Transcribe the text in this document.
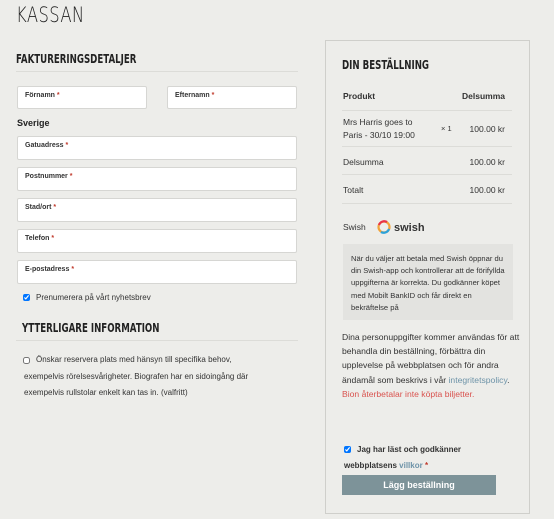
KASSAN
FAKTURERINGSDETALJER
Förnamn *	Efternamn *
Sverige
Gatuadress *
Postnummer *
Stad/ort *
Telefon *
E-postadress *
Prenumerera på vårt nyhetsbrev
YTTERLIGARE INFORMATION
Önskar reservera plats med hänsyn till specifika behov,
exempelvis rörelsesvårigheter. Biografen har en sidoingång där
exempelvis rullstolar enkelt kan tas in. (valfritt)
DIN BESTÄLLNING
Produkt	Delsumma
Mrs Harris goes to
Paris - 30/10 19:00
× 1 100.00 kr
Delsumma	100.00 kr
Totalt	100.00 kr
Swish	swish

När du väljer att betala med Swish öppnar du din Swish-app och kontrollerar att de förifyllda uppgifterna är korrekta. Du godkänner köpet med Mobilt BankID och får direkt en bekräftelse på

Dina personuppgifter kommer användas för att behandla din beställning, förbättra din upplevelse på webbplatsen och för andra ändamål som beskrivs i vår integritetspolicy. Bion återbetalar inte köpta biljetter.
Jag har läst och godkänner
webbplatsens villkor *
Lägg beställning
